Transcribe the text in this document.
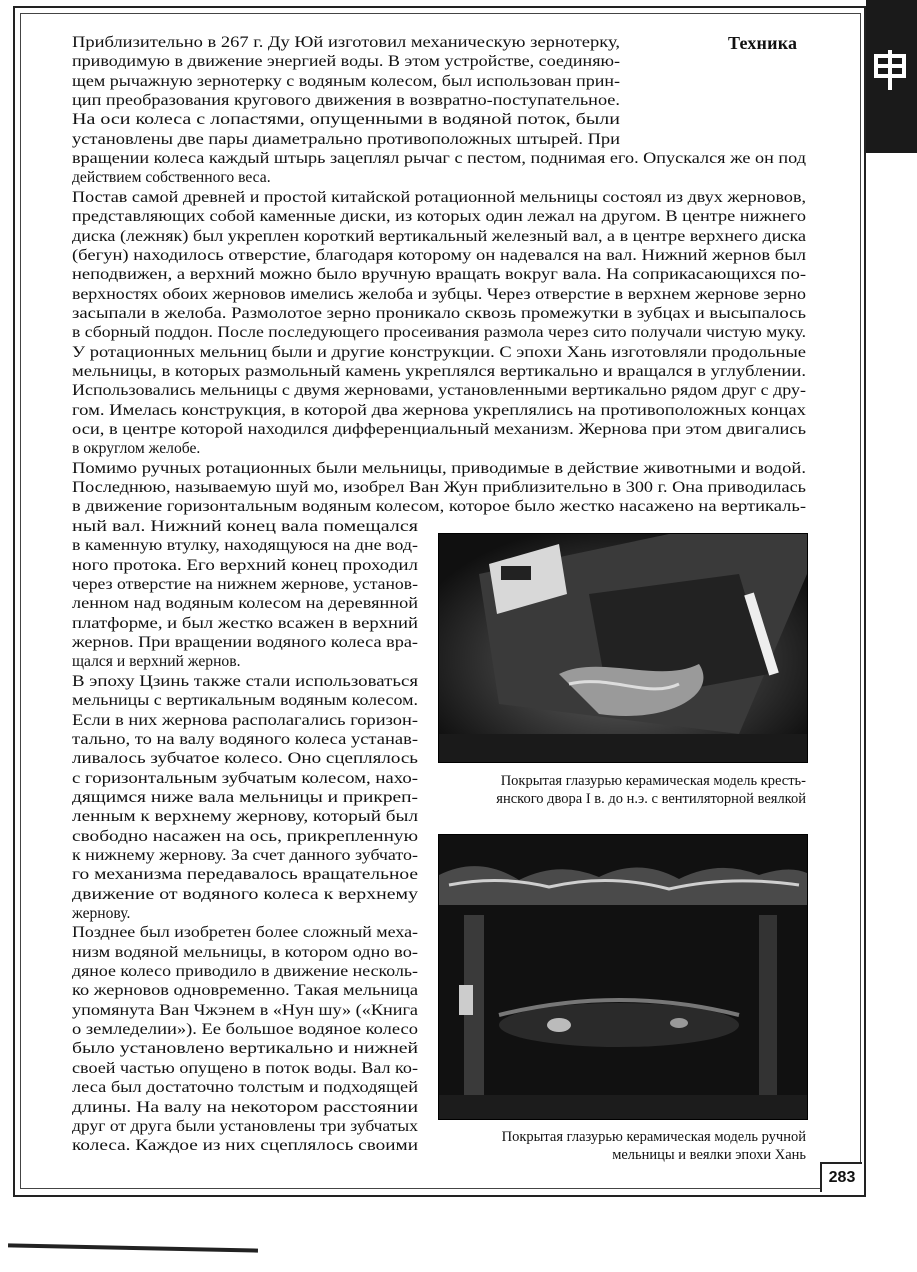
283
Техника
Приблизительно в 267 г. Ду Юй изготовил механическую зернотерку,
приводимую в движение энергией воды. В этом устройстве, соединяю-
щем рычажную зернотерку с водяным колесом, был использован прин-
цип преобразования кругового движения в возвратно-поступательное.
На оси колеса с лопастями, опущенными в водяной поток, были
установлены две пары диаметрально противоположных штырей. При
вращении колеса каждый штырь зацеплял рычаг с пестом, поднимая его. Опускался же он под
действием собственного веса.
Постав самой древней и простой китайской ротационной мельницы состоял из двух жерновов,
представляющих собой каменные диски, из которых один лежал на другом. В центре нижнего
диска (лежняк) был укреплен короткий вертикальный железный вал, а в центре верхнего диска
(бегун) находилось отверстие, благодаря которому он надевался на вал. Нижний жернов был
неподвижен, а верхний можно было вручную вращать вокруг вала. На соприкасающихся по-
верхностях обоих жерновов имелись желоба и зубцы. Через отверстие в верхнем жернове зерно
засыпали в желоба. Размолотое зерно проникало сквозь промежутки в зубцах и высыпалось
в сборный поддон. После последующего просеивания размола через сито получали чистую муку.
У ротационных мельниц были и другие конструкции. С эпохи Хань изготовляли продольные
мельницы, в которых размольный камень укреплялся вертикально и вращался в углублении.
Использовались мельницы с двумя жерновами, установленными вертикально рядом друг с дру-
гом. Имелась конструкция, в которой два жернова укреплялись на противоположных концах
оси, в центре которой находился дифференциальный механизм. Жернова при этом двигались
в округлом желобе.
Помимо ручных ротационных были мельницы, приводимые в действие животными и водой.
Последнюю, называемую шуй мо, изобрел Ван Жун приблизительно в 300 г. Она приводилась
в движение горизонтальным водяным колесом, которое было жестко насажено на вертикаль-
ный вал. Нижний конец вала помещался
в каменную втулку, находящуюся на дне вод-
ного протока. Его верхний конец проходил
через отверстие на нижнем жернове, установ-
ленном над водяным колесом на деревянной
платформе, и был жестко всажен в верхний
жернов. При вращении водяного колеса вра-
щался и верхний жернов.
В эпоху Цзинь также стали использоваться
мельницы с вертикальным водяным колесом.
Если в них жернова располагались горизон-
тально, то на валу водяного колеса устанав-
ливалось зубчатое колесо. Оно сцеплялось
с горизонтальным зубчатым колесом, нахо-
дящимся ниже вала мельницы и прикреп-
ленным к верхнему жернову, который был
свободно насажен на ось, прикрепленную
к нижнему жернову. За счет данного зубчато-
го механизма передавалось вращательное
движение от водяного колеса к верхнему
жернову.
Позднее был изобретен более сложный меха-
низм водяной мельницы, в котором одно во-
дяное колесо приводило в движение несколь-
ко жерновов одновременно. Такая мельница
упомянута Ван Чжэнем в «Нун шу» («Книга
о земледелии»). Ее большое водяное колесо
было установлено вертикально и нижней
своей частью опущено в поток воды. Вал ко-
леса был достаточно толстым и подходящей
длины. На валу на некотором расстоянии
друг от друга были установлены три зубчатых
колеса. Каждое из них сцеплялось своими
Покрытая глазурью керамическая модель кресть-
янского двора I в. до н.э. с вентиляторной веялкой
Покрытая глазурью керамическая модель ручной
мельницы и веялки эпохи Хань
